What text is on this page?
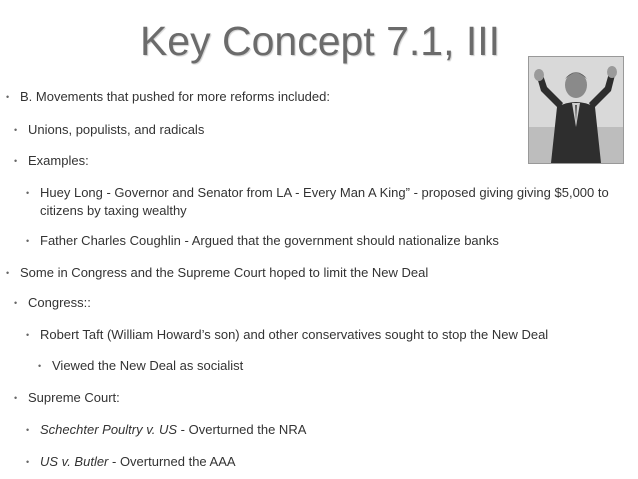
Key Concept 7.1, III
• B. Movements that pushed for more reforms included:
• Unions, populists, and radicals
• Examples:
• Huey Long - Governor and Senator from LA - Every Man A King” - proposed giving giving $5,000 to
citizens by taxing wealthy
• Father Charles Coughlin - Argued that the government should nationalize banks
• Some in Congress and the Supreme Court hoped to limit the New Deal
• Congress::
• Robert Taft (William Howard’s son) and other conservatives sought to stop the New Deal
• Viewed the New Deal as socialist
• Supreme Court:
• Schechter Poultry v. US - Overturned the NRA
• US v. Butler - Overturned the AAA
